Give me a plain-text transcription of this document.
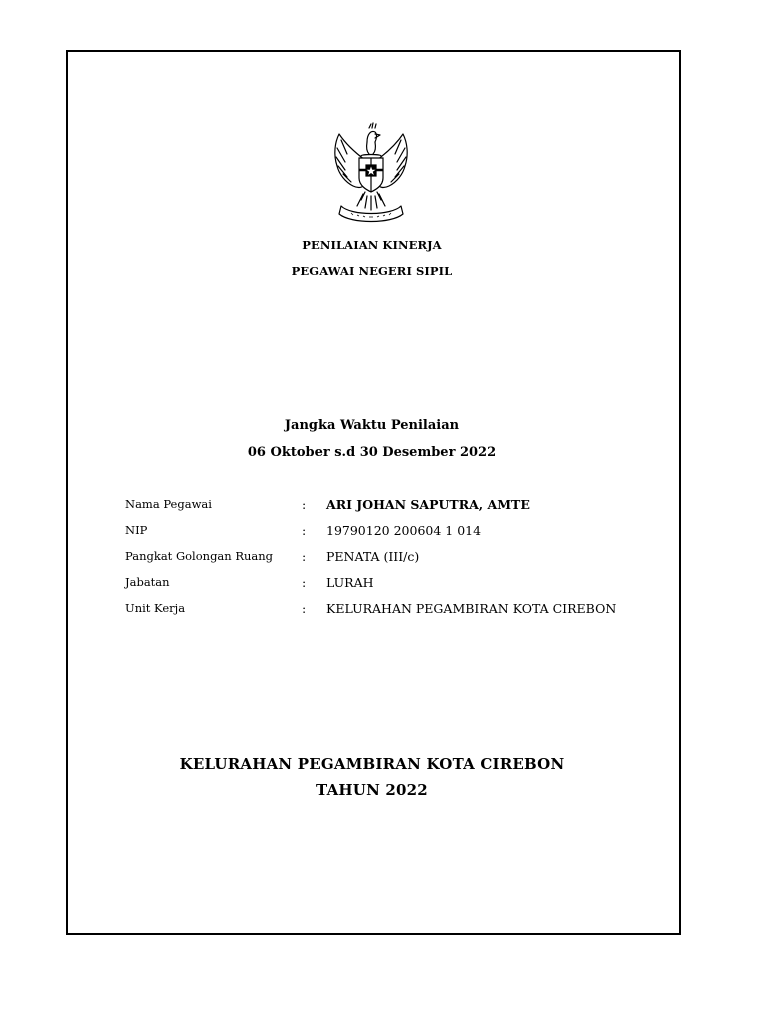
PENILAIAN KINERJA
PEGAWAI NEGERI SIPIL
Jangka Waktu Penilaian
06 Oktober s.d 30 Desember 2022
Nama Pegawai	: ARI JOHAN SAPUTRA, AMTE
NIP	: 19790120 200604 1 014
Pangkat Golongan Ruang : PENATA (III/c)
Jabatan	: LURAH
Unit Kerja	: KELURAHAN PEGAMBIRAN KOTA CIREBON
KELURAHAN PEGAMBIRAN KOTA CIREBON
TAHUN 2022
